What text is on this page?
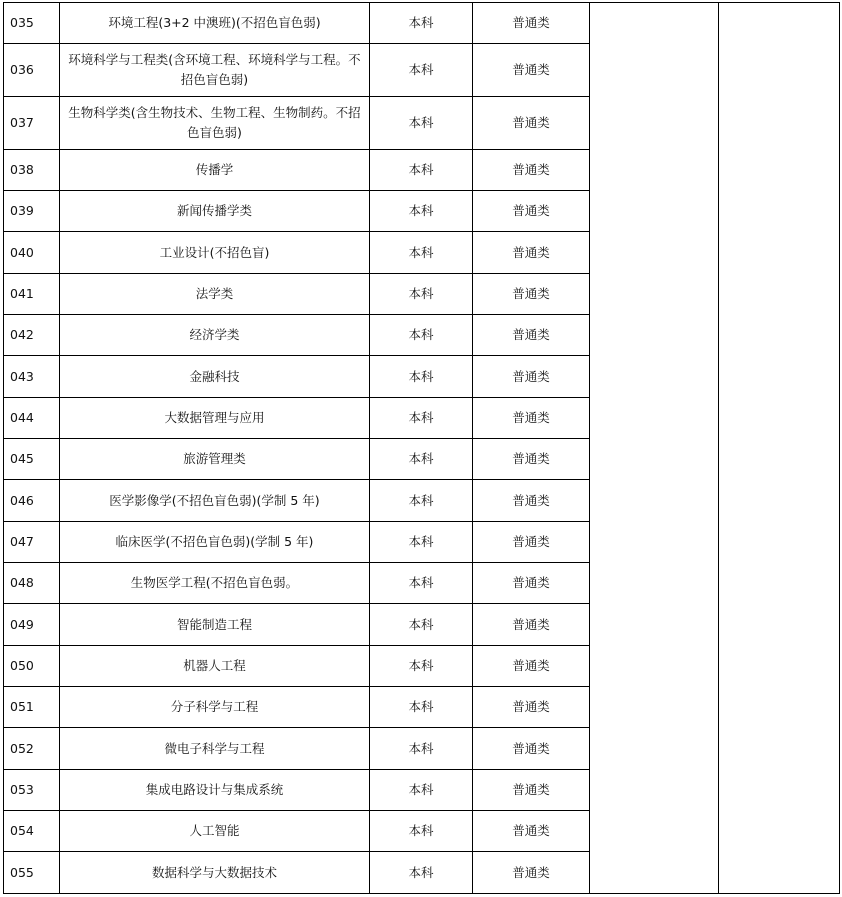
035	环境工程(3+2 中澳班)(不招色盲色弱)	本科	普通类		
036	环境科学与工程类(含环境工程、环境科学与工程。不招色盲色弱)	本科	普通类		
037	生物科学类(含生物技术、生物工程、生物制药。不招色盲色弱)	本科	普通类		
038	传播学	本科	普通类		
039	新闻传播学类	本科	普通类		
040	工业设计(不招色盲)	本科	普通类		
041	法学类	本科	普通类		
042	经济学类	本科	普通类		
043	金融科技	本科	普通类		
044	大数据管理与应用	本科	普通类		
045	旅游管理类	本科	普通类		
046	医学影像学(不招色盲色弱)(学制 5 年)	本科	普通类		
047	临床医学(不招色盲色弱)(学制 5 年)	本科	普通类		
048	生物医学工程(不招色盲色弱。	本科	普通类		
049	智能制造工程	本科	普通类		
050	机器人工程	本科	普通类		
051	分子科学与工程	本科	普通类		
052	微电子科学与工程	本科	普通类		
053	集成电路设计与集成系统	本科	普通类		
054	人工智能	本科	普通类		
055	数据科学与大数据技术	本科	普通类		
